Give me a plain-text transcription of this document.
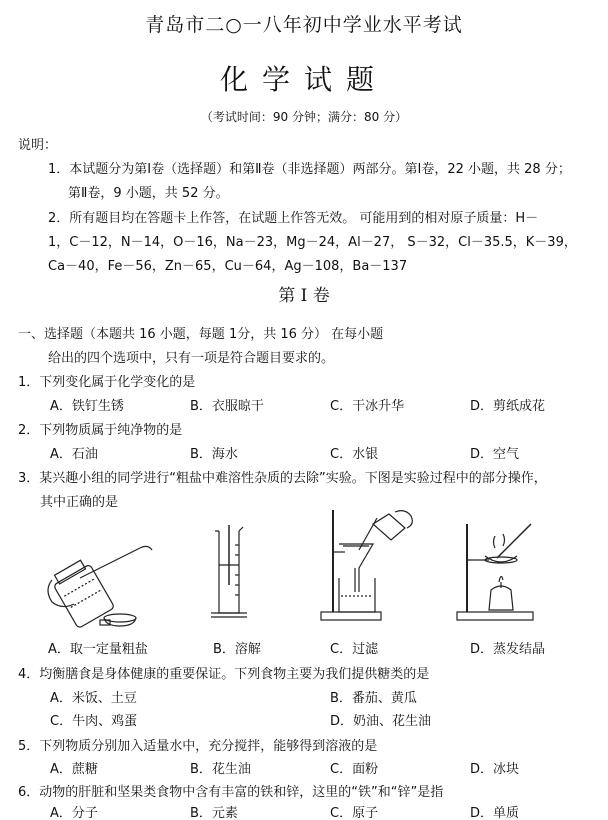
青岛市二○一八年初中学业水平考试
化学试题
（考试时间：90 分钟；满分：80 分）
说明：
1．本试题分为第Ⅰ卷（选择题）和第Ⅱ卷（非选择题）两部分。第Ⅰ卷，22 小题，共 28 分；
第Ⅱ卷，9 小题，共 52 分。
2．所有题目均在答题卡上作答，在试题上作答无效。 可能用到的相对原子质量：H－
1，C－12，N－14，O－16，Na－23，Mg－24，Al－27， S－32，Cl－35.5，K－39，
Ca－40，Fe－56，Zn－65，Cu－64，Ag－108，Ba－137
第 Ⅰ 卷
一、选择题（本题共 16 小题，每题 1分，共 16 分） 在每小题
给出的四个选项中，只有一项是符合题目要求的。
1．下列变化属于化学变化的是
A．铁钉生锈	B．衣服晾干	C．干冰升华	D．剪纸成花
2．下列物质属于纯净物的是
A．石油	B．海水	C．水银	D．空气
3．某兴趣小组的同学进行“粗盐中难溶性杂质的去除”实验。下图是实验过程中的部分操作，
其中正确的是
A．取一定量粗盐	B．溶解	C．过滤	D．蒸发结晶
4．均衡膳食是身体健康的重要保证。下列食物主要为我们提供糖类的是
A．米饭、土豆	B．番茄、黄瓜
C．牛肉、鸡蛋	D．奶油、花生油
5．下列物质分别加入适量水中，充分搅拌，能够得到溶液的是
A．蔗糖	B．花生油	C．面粉	D．冰块
6．动物的肝脏和坚果类食物中含有丰富的铁和锌，这里的“铁”和“锌”是指
A．分子	B．元素	C．原子	D．单质
